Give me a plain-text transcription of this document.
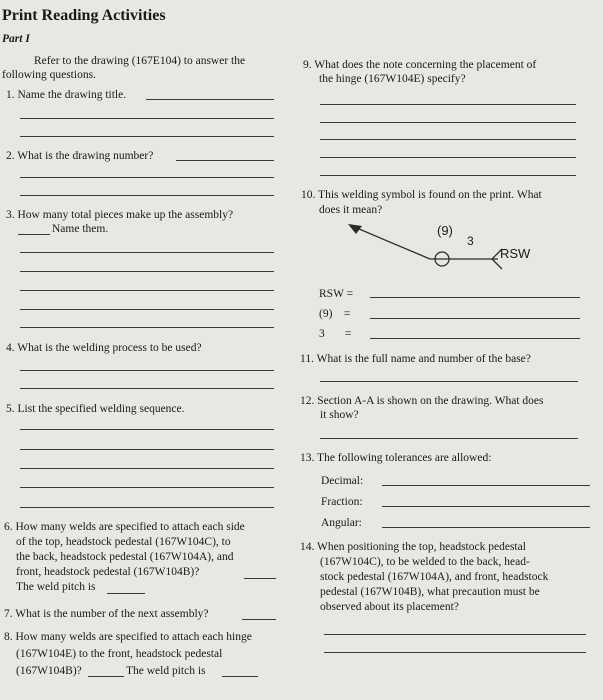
Print Reading Activities
Part I
Refer to the drawing (167E104) to answer the
following questions.
1. Name the drawing title.
2. What is the drawing number?
3. How many total pieces make up the assembly?
Name them.
4. What is the welding process to be used?
5. List the specified welding sequence.
6. How many welds are specified to attach each side
of the top, headstock pedestal (167W104C), to
the back, headstock pedestal (167W104A), and
front, headstock pedestal (167W104B)?
The weld pitch is
7. What is the number of the next assembly?
8. How many welds are specified to attach each hinge
(167W104E) to the front, headstock pedestal
(167W104B)?	The weld pitch is
9. What does the note concerning the placement of
the hinge (167W104E) specify?
10. This welding symbol is found on the print. What
does it mean?
(9)
3
RSW
RSW =
(9)    =
3       =
11. What is the full name and number of the base?
12. Section A-A is shown on the drawing. What does
it show?
13. The following tolerances are allowed:
Decimal:
Fraction:
Angular:
14. When positioning the top, headstock pedestal
(167W104C), to be welded to the back, head-
stock pedestal (167W104A), and front, headstock
pedestal (167W104B), what precaution must be
observed about its placement?
